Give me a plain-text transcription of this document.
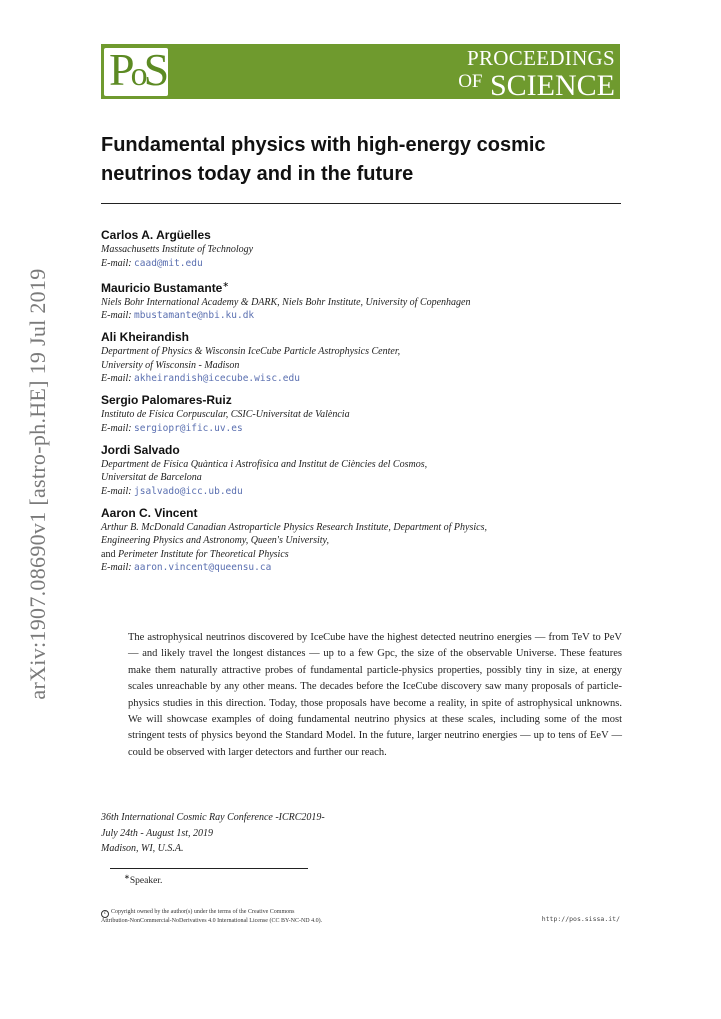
PoS	PROCEEDINGS
$^{OF}$ SCIENCE
arXiv:1907.08690v1 [astro-ph.HE] 19 Jul 2019
Fundamental physics with high-energy cosmic
neutrinos today and in the future
Carlos A. Argüelles
Massachusetts Institute of Technology
E-mail: caad@mit.edu
Mauricio Bustamante∗
Niels Bohr International Academy & DARK, Niels Bohr Institute, University of Copenhagen
E-mail: mbustamante@nbi.ku.dk
Ali Kheirandish
Department of Physics & Wisconsin IceCube Particle Astrophysics Center,
University of Wisconsin - Madison
E-mail: akheirandish@icecube.wisc.edu
Sergio Palomares-Ruiz
Instituto de Física Corpuscular, CSIC-Universitat de València
E-mail: sergiopr@ific.uv.es
Jordi Salvado
Department de Física Quàntica i Astrofísica and Institut de Ciències del Cosmos,
Universitat de Barcelona
E-mail: jsalvado@icc.ub.edu
Aaron C. Vincent
Arthur B. McDonald Canadian Astroparticle Physics Research Institute, Department of Physics,
Engineering Physics and Astronomy, Queen's University,
and Perimeter Institute for Theoretical Physics
E-mail: aaron.vincent@queensu.ca
The astrophysical neutrinos discovered by IceCube have the highest detected neutrino energies — from TeV to PeV — and likely travel the longest distances — up to a few Gpc, the size of the observable Universe. These features make them naturally attractive probes of fundamental particle-physics properties, possibly tiny in size, at energy scales unreachable by any other means. The decades before the IceCube discovery saw many proposals of particle-physics studies in this direction. Today, those proposals have become a reality, in spite of astrophysical unknowns. We will showcase examples of doing fundamental neutrino physics at these scales, including some of the most stringent tests of physics beyond the Standard Model. In the future, larger neutrino energies — up to tens of EeV — could be observed with larger detectors and further our reach.
36th International Cosmic Ray Conference -ICRC2019-
July 24th - August 1st, 2019
Madison, WI, U.S.A.
∗Speaker.
c Copyright owned by the author(s) under the terms of the Creative Commons
Attribution-NonCommercial-NoDerivatives 4.0 International License (CC BY-NC-ND 4.0).	http://pos.sissa.it/
